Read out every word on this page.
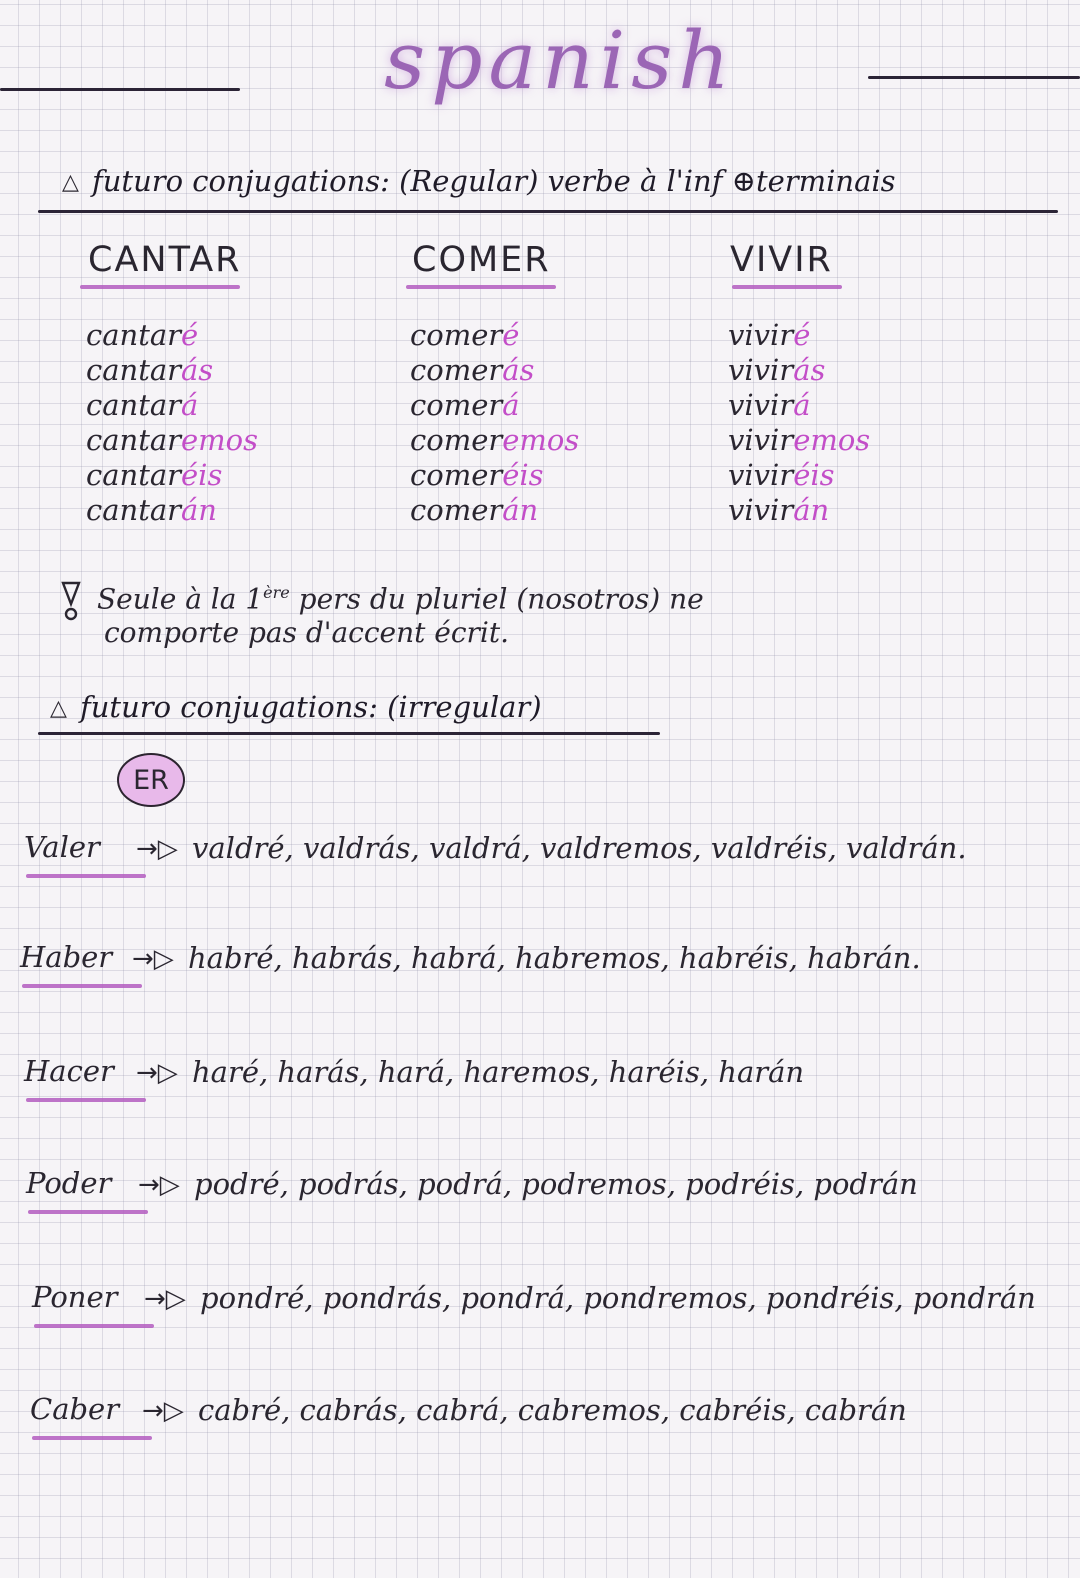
spanish
△ futuro conjugations: (Regular) verbe à l'inf ⊕terminais
CANTAR
cantaré
cantarás
cantará
cantaremos
cantaréis
cantarán
COMER
comeré
comerás
comerá
comeremos
comeréis
comerán
VIVIR
viviré
vivirás
vivirá
viviremos
viviréis
vivirán
Seule à la 1ère pers du pluriel (nosotros) ne
comporte pas d'accent écrit.
△ futuro conjugations: (irregular)
ER
Valer →▷ valdré, valdrás, valdrá, valdremos, valdréis, valdrán.
Haber →▷ habré, habrás, habrá, habremos, habréis, habrán.
Hacer →▷ haré, harás, hará, haremos, haréis, harán
Poder →▷ podré, podrás, podrá, podremos, podréis, podrán
Poner →▷ pondré, pondrás, pondrá, pondremos, pondréis, pondrán
Caber →▷ cabré, cabrás, cabrá, cabremos, cabréis, cabrán
